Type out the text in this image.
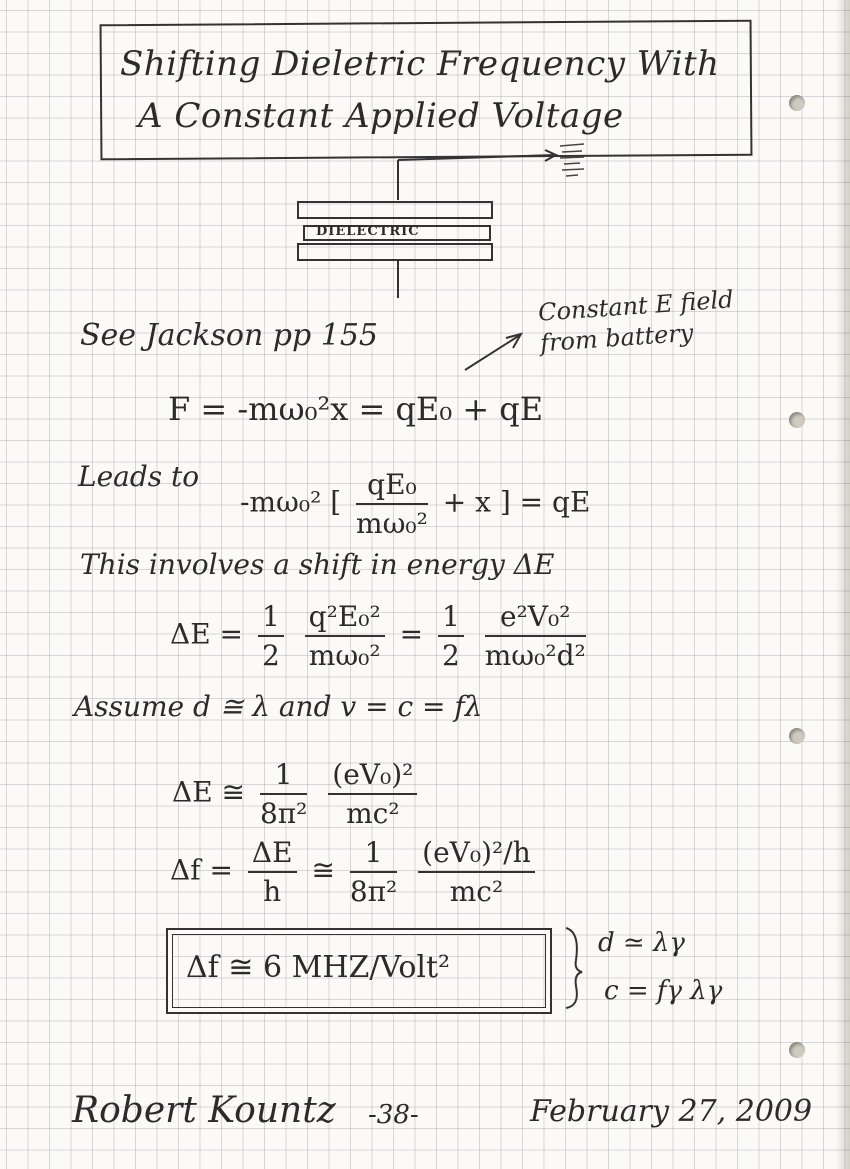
Shifting Dieletric Frequency With
A Constant Applied Voltage
DIELECTRIC
Constant E field
from battery
See Jackson pp 155
F = -mω₀²x = qE₀ + qE
Leads to
-mω₀² [ $\frac{\text{qE₀}}{\text{mω₀²}} + x$ ] = qE
This involves a shift in energy ΔE
$\Delta E = \frac{1}{2}$
$\frac{\text{q²E₀²}}{\text{mω₀²}} = \frac{1}{2}$
$\frac{\text{e²V₀²}}{\text{mω₀²d²}}$
Assume d ≅ λ and v = c = fλ
ΔE ≅ $\frac{1}{\text{8π²}}$
$\frac{\text{(eV₀)²}}{\text{mc²}}$
$\Delta f = \frac{\Delta E}{h}$ ≅ $\frac{1}{\text{8π²}}$
$\frac{\text{(eV₀)²/h}}{\text{mc²}}$
Δf ≅ 6 MHZ/Volt²
d ≃ λγ
c = fγ λγ
Robert Kountz -38-	February 27, 2009
